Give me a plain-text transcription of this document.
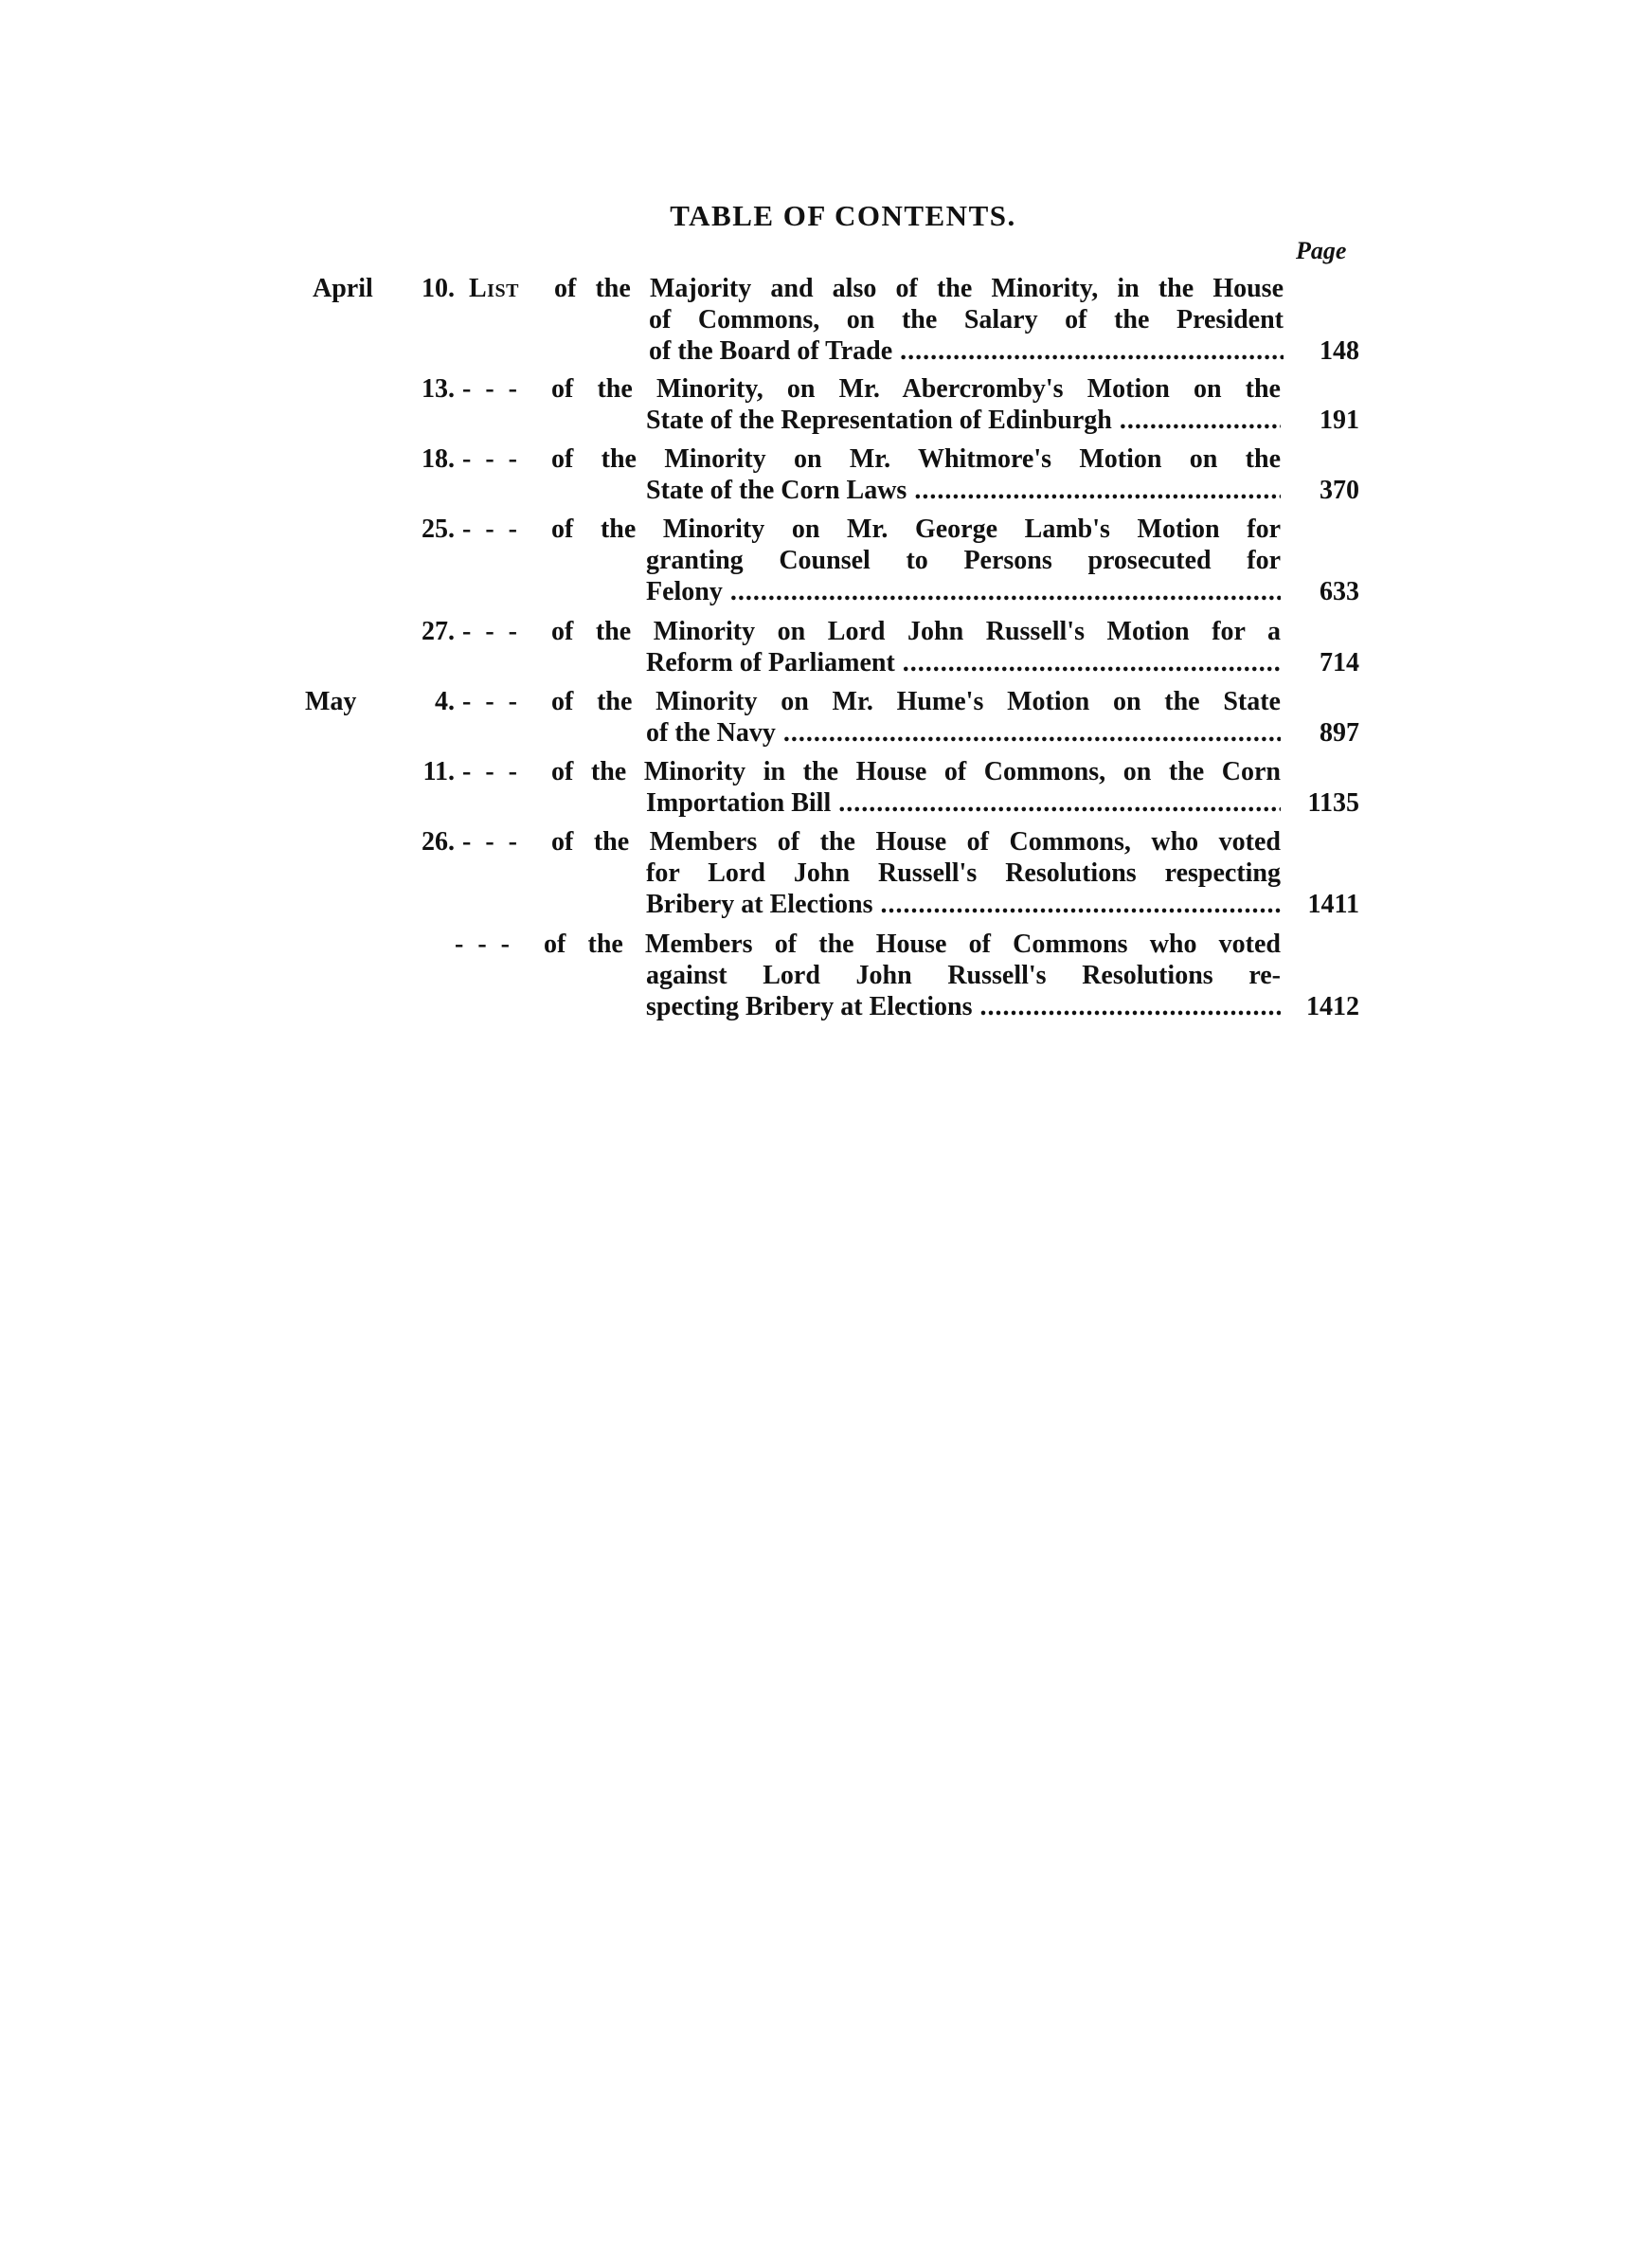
TABLE OF CONTENTS.
Page
April	10. List of the Majority and also of the Minority, in the House
of Commons, on the Salary of the President
of the Board of Trade .....	148
13. - - - of the Minority, on Mr. Abercromby's Motion on the
State of the Representation of Edinburgh .....	191
18. - - - of the Minority on Mr. Whitmore's Motion on the
State of the Corn Laws .....	370
25. - - - of the Minority on Mr. George Lamb's Motion for
granting Counsel to Persons prosecuted for
Felony .....	633
27. - - - of the Minority on Lord John Russell's Motion for a
Reform of Parliament .....	714
May	4. - - - of the Minority on Mr. Hume's Motion on the State
of the Navy .....	897
11. - - - of the Minority in the House of Commons, on the Corn
Importation Bill .....	1135
26. - - - of the Members of the House of Commons, who voted
for Lord John Russell's Resolutions respecting
Bribery at Elections .....	1411
- - - of the Members of the House of Commons who voted
against Lord John Russell's Resolutions re-
specting Bribery at Elections .....	1412
